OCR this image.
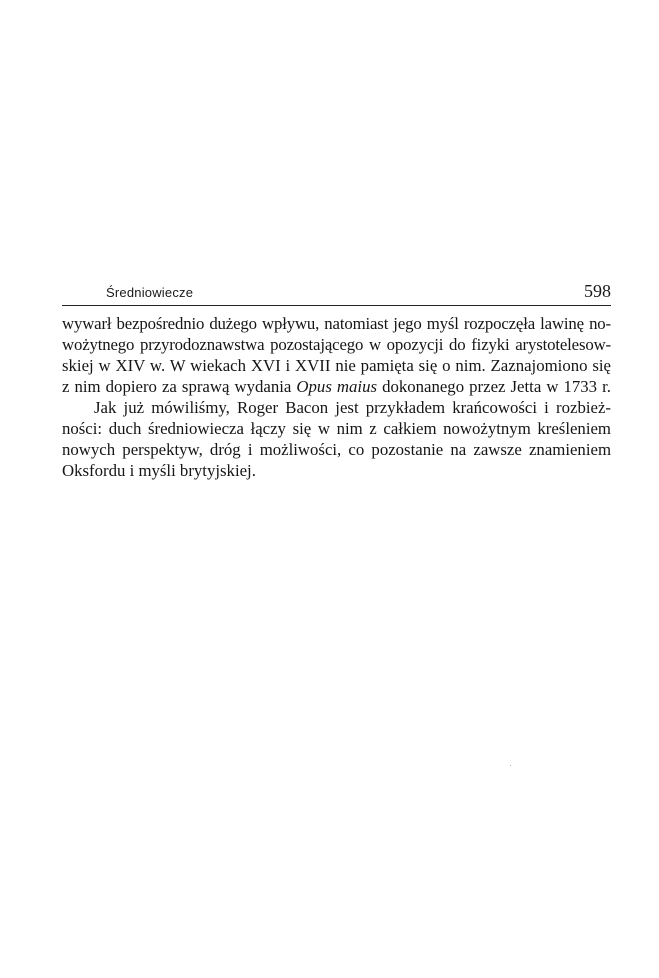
Średniowiecze	598
wywarł bezpośrednio dużego wpływu, natomiast jego myśl rozpoczęła lawinę no-
wożytnego przyrodoznawstwa pozostającego w opozycji do fizyki arystotelesow-
skiej w XIV w. W wiekach XVI i XVII nie pamięta się o nim. Zaznajomiono się
z nim dopiero za sprawą wydania Opus maius dokonanego przez Jetta w 1733 r.
Jak już mówiliśmy, Roger Bacon jest przykładem krańcowości i rozbież-
ności: duch średniowiecza łączy się w nim z całkiem nowożytnym kreśleniem
nowych perspektyw, dróg i możliwości, co pozostanie na zawsze znamieniem
Oksfordu i myśli brytyjskiej.
